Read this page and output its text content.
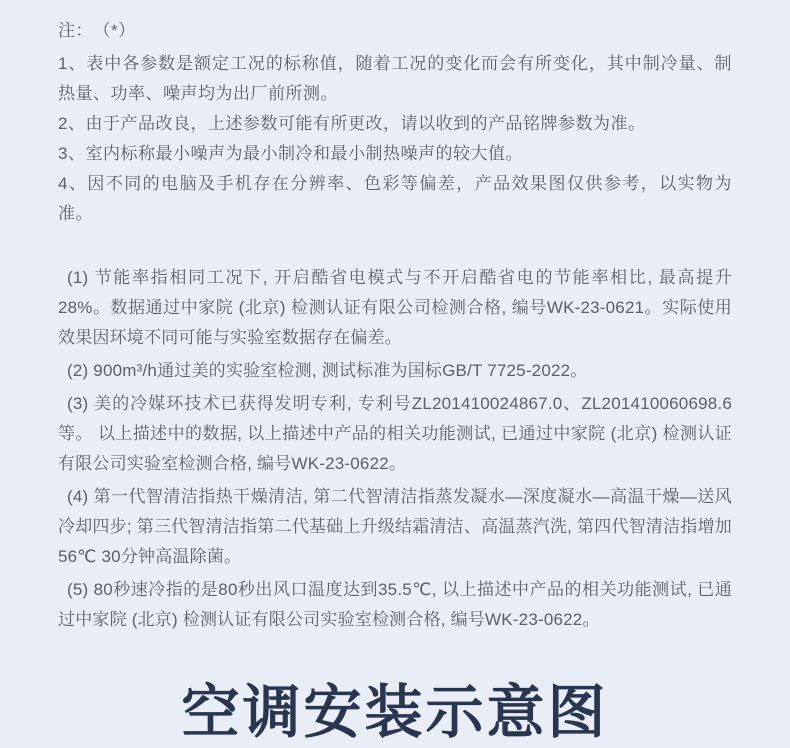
注：　（*）

1、表中各参数是额定工况的标称值，随着工况的变化而会有所变化，其中制冷量、制热量、功率、噪声均为出厂前所测。

2、由于产品改良，上述参数可能有所更改，请以收到的产品铭牌参数为准。

3、室内标称最小噪声为最小制冷和最小制热噪声的较大值。

4、因不同的电脑及手机存在分辨率、色彩等偏差，产品效果图仅供参考，以实物为准。

(1) 节能率指相同工况下, 开启酷省电模式与不开启酷省电的节能率相比, 最高提升28%。数据通过中家院 (北京) 检测认证有限公司检测合格, 编号WK-23-0621。实际使用效果因环境不同可能与实验室数据存在偏差。

(2) 900m³/h通过美的实验室检测, 测试标准为国标GB/T 7725-2022。

(3) 美的冷媒环技术已获得发明专利, 专利号ZL201410024867.0、ZL201410060698.6等。 以上描述中的数据, 以上描述中产品的相关功能测试, 已通过中家院 (北京) 检测认证有限公司实验室检测合格, 编号WK-23-0622。

(4) 第一代智清洁指热干燥清洁, 第二代智清洁指蒸发凝水—深度凝水—高温干燥—送风冷却四步; 第三代智清洁指第二代基础上升级结霜清洁、高温蒸汽洗, 第四代智清洁指增加56℃ 30分钟高温除菌。

(5) 80秒速冷指的是80秒出风口温度达到35.5℃, 以上描述中产品的相关功能测试, 已通过中家院 (北京) 检测认证有限公司实验室检测合格, 编号WK-23-0622。

空调安装示意图
